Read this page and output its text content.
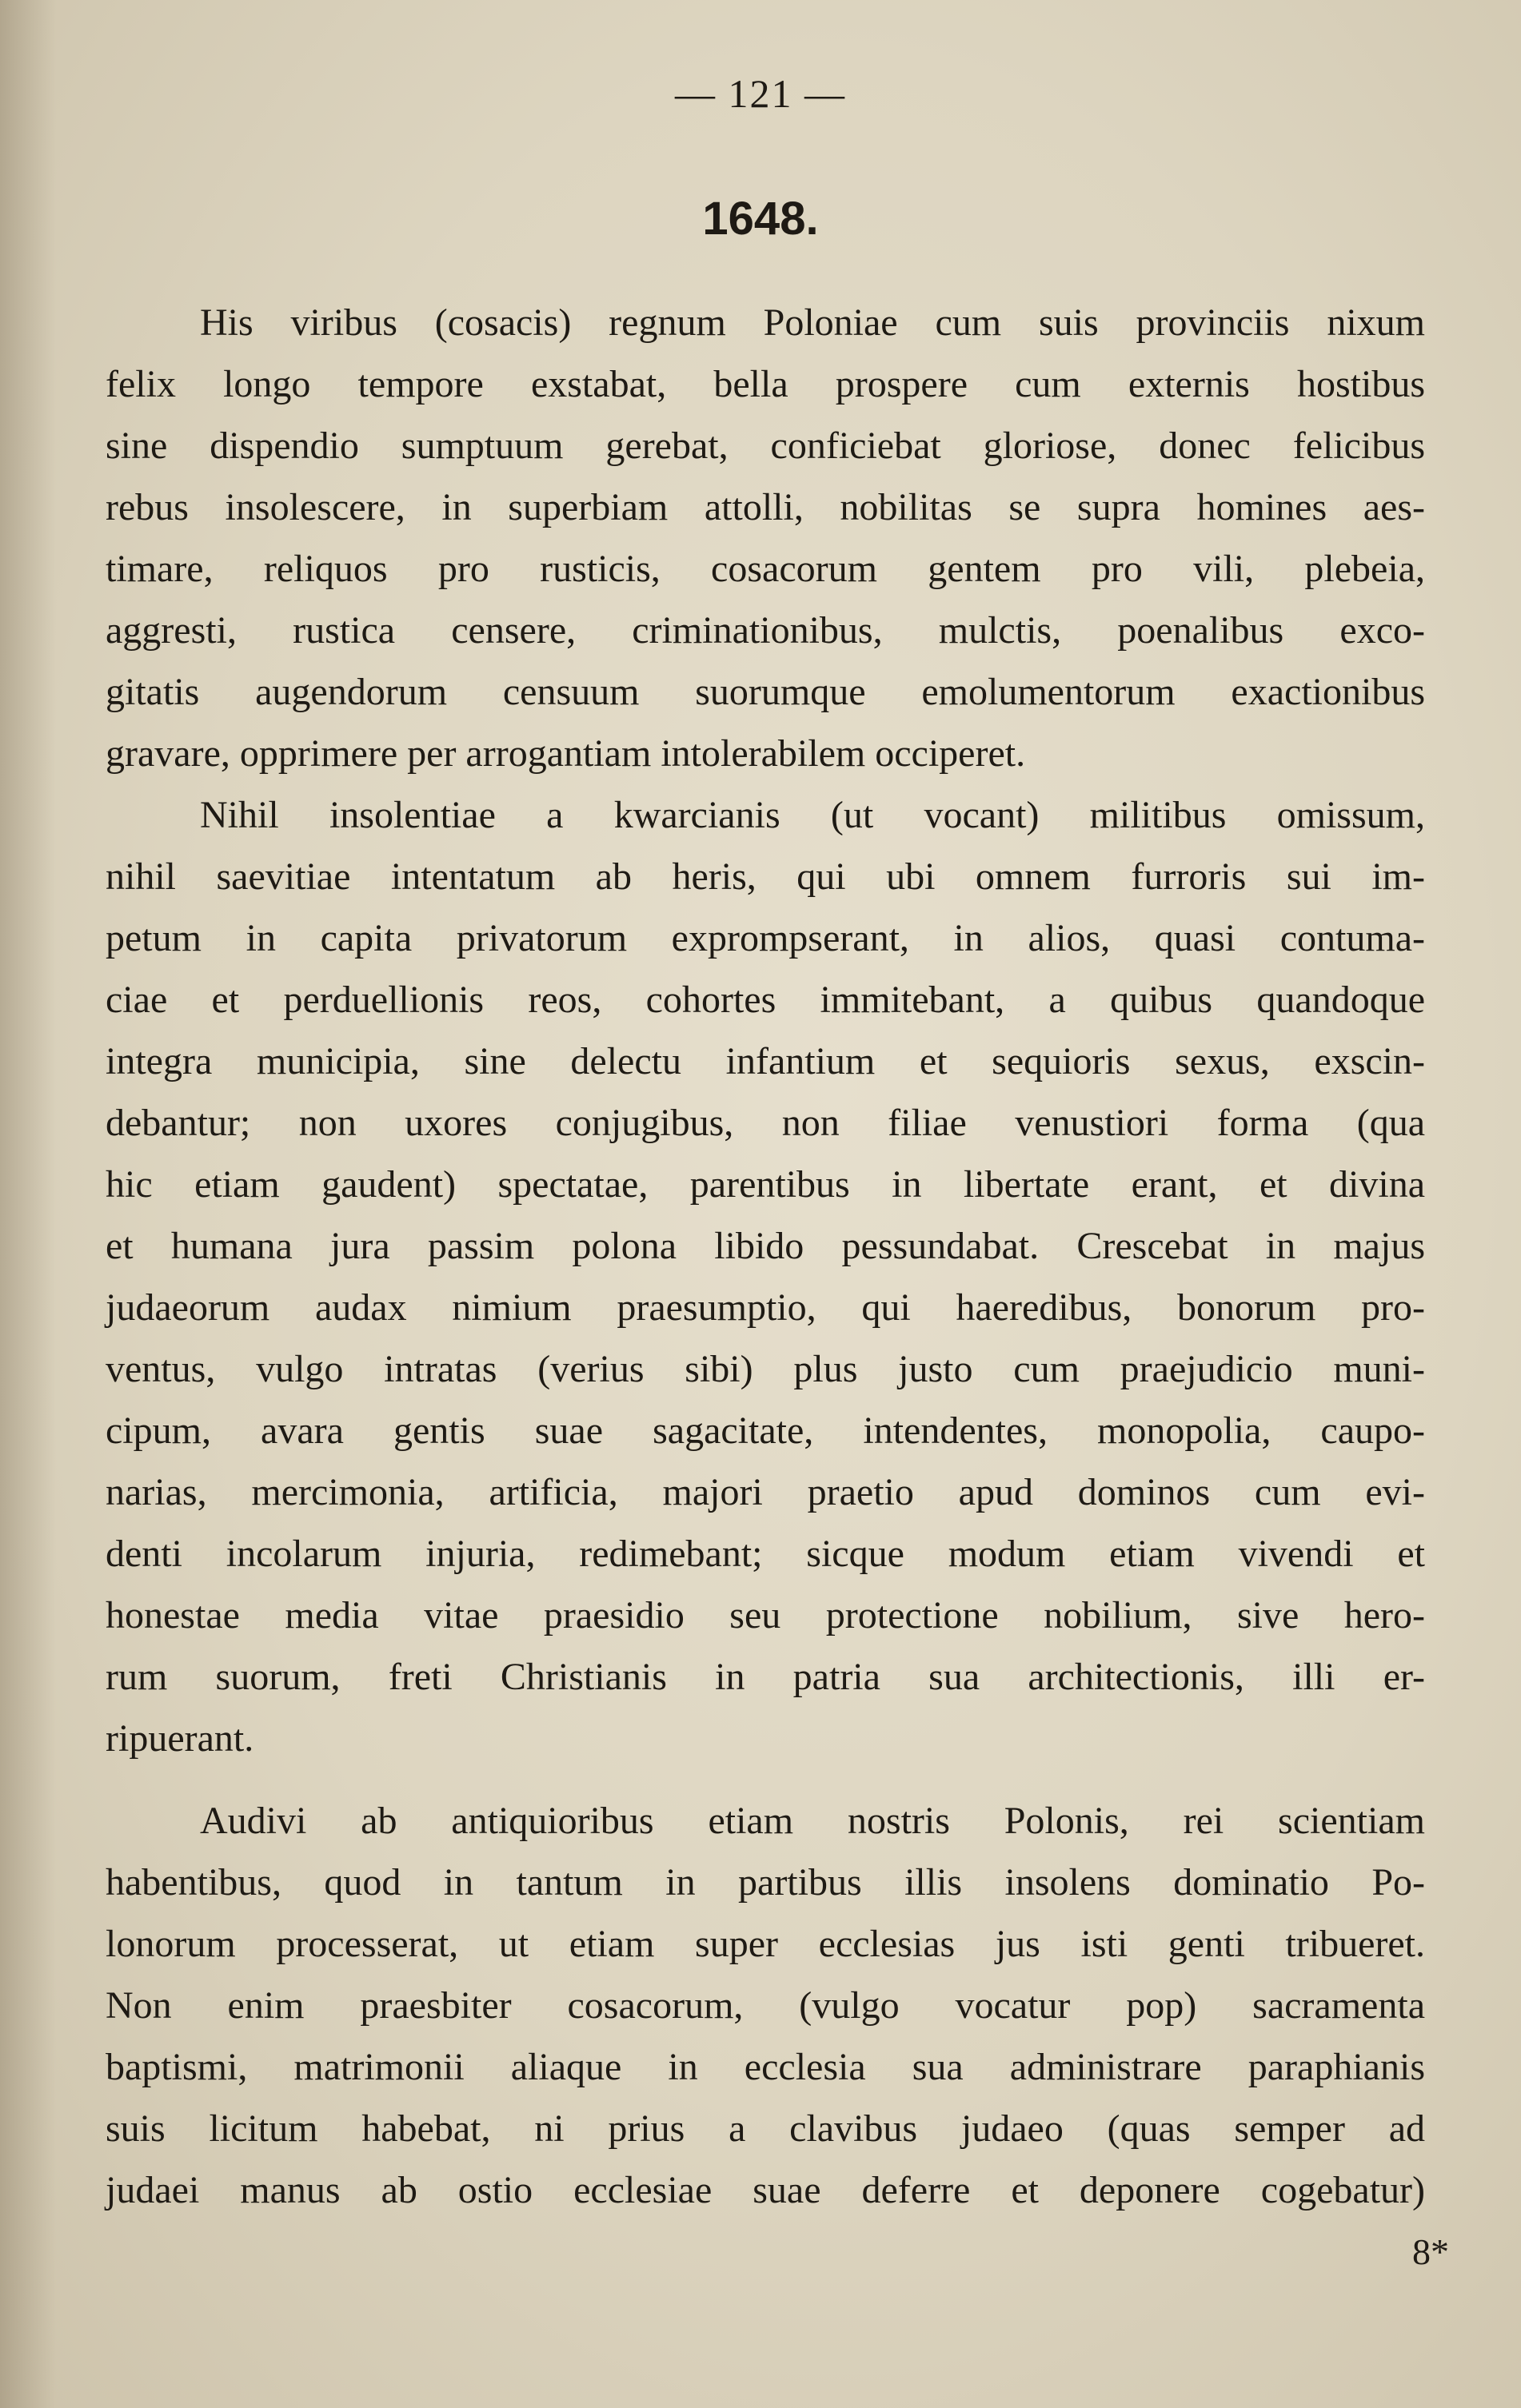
— 121 —
1648.
His viribus (cosacis) regnum Poloniae cum suis provinciis nixum
felix longo tempore exstabat, bella prospere cum externis hostibus
sine dispendio sumptuum gerebat, conficiebat gloriose, donec felicibus
rebus insolescere, in superbiam attolli, nobilitas se supra homines aes-
timare, reliquos pro rusticis, cosacorum gentem pro vili, plebeia,
aggresti, rustica censere, criminationibus, mulctis, poenalibus exco-
gitatis augendorum censuum suorumque emolumentorum exactionibus
gravare, opprimere per arrogantiam intolerabilem occiperet.
Nihil insolentiae a kwarcianis (ut vocant) militibus omissum,
nihil saevitiae intentatum ab heris, qui ubi omnem furroris sui im-
petum in capita privatorum exprompserant, in alios, quasi contuma-
ciae et perduellionis reos, cohortes immitebant, a quibus quandoque
integra municipia, sine delectu infantium et sequioris sexus, exscin-
debantur; non uxores conjugibus, non filiae venustiori forma (qua
hic etiam gaudent) spectatae, parentibus in libertate erant, et divina
et humana jura passim polona libido pessundabat. Crescebat in majus
judaeorum audax nimium praesumptio, qui haeredibus, bonorum pro-
ventus, vulgo intratas (verius sibi) plus justo cum praejudicio muni-
cipum, avara gentis suae sagacitate, intendentes, monopolia, caupo-
narias, mercimonia, artificia, majori praetio apud dominos cum evi-
denti incolarum injuria, redimebant; sicque modum etiam vivendi et
honestae media vitae praesidio seu protectione nobilium, sive hero-
rum suorum, freti Christianis in patria sua architectionis, illi er-
ripuerant.
Audivi ab antiquioribus etiam nostris Polonis, rei scientiam
habentibus, quod in tantum in partibus illis insolens dominatio Po-
lonorum processerat, ut etiam super ecclesias jus isti genti tribueret.
Non enim praesbiter cosacorum, (vulgo vocatur pop) sacramenta
baptismi, matrimonii aliaque in ecclesia sua administrare paraphianis
suis licitum habebat, ni prius a clavibus judaeo (quas semper ad
judaei manus ab ostio ecclesiae suae deferre et deponere cogebatur)
8*
